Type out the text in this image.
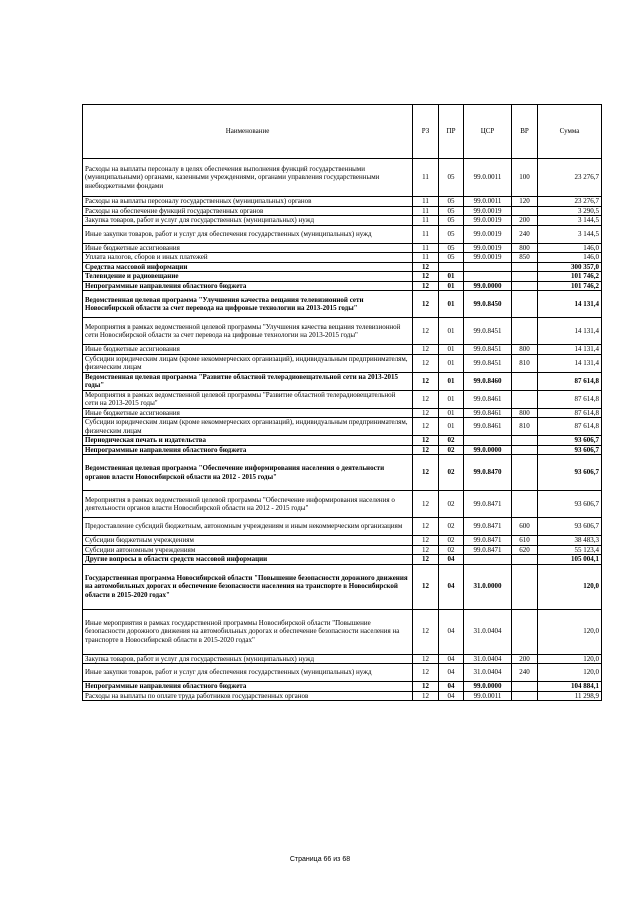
Наименование	РЗ	ПР	ЦСР	ВР	Сумма
Расходы на выплаты персоналу в целях обеспечения выполнения функций государственными (муниципальными) органами, казенными учреждениями, органами управления государственными внебюджетными фондами	11	05	99.0.0011	100	23 276,7
Расходы на выплаты персоналу государственных (муниципальных) органов	11	05	99.0.0011	120	23 276,7
Расходы на обеспечение функций государственных органов	11	05	99.0.0019		3 290,5
Закупка товаров, работ и услуг для государственных (муниципальных) нужд	11	05	99.0.0019	200	3 144,5
Иные закупки товаров, работ и услуг для обеспечения государственных (муниципальных) нужд	11	05	99.0.0019	240	3 144,5
Иные бюджетные ассигнования	11	05	99.0.0019	800	146,0
Уплата налогов, сборов и иных платежей	11	05	99.0.0019	850	146,0
Средства массовой информации	12				300 357,0
Телевидение и радиовещание	12	01			101 746,2
Непрограммные направления областного бюджета	12	01	99.0.0000		101 746,2
Ведомственная целевая программа "Улучшения качества вещания телевизионной сети Новосибирской области за счет перевода на цифровые технологии на 2013-2015 годы"	12	01	99.0.8450		14 131,4
Мероприятия в рамках ведомственной целевой программы "Улучшения качества вещания телевизионной сети Новосибирской области за счет перевода на цифровые технологии на 2013-2015 годы"	12	01	99.0.8451		14 131,4
Иные бюджетные ассигнования	12	01	99.0.8451	800	14 131,4
Субсидии юридическим лицам (кроме некоммерческих организаций), индивидуальным предпринимателям, физическим лицам	12	01	99.0.8451	810	14 131,4
Ведомственная целевая программа "Развитие областной телерадиовещательной сети на 2013-2015 годы"	12	01	99.0.8460		87 614,8
Мероприятия в рамках ведомственной целевой программы "Развитие областной телерадиовещательной сети на 2013-2015 годы"	12	01	99.0.8461		87 614,8
Иные бюджетные ассигнования	12	01	99.0.8461	800	87 614,8
Субсидии юридическим лицам (кроме некоммерческих организаций), индивидуальным предпринимателям, физическим лицам	12	01	99.0.8461	810	87 614,8
Периодическая печать и издательства	12	02			93 606,7
Непрограммные направления областного бюджета	12	02	99.0.0000		93 606,7
Ведомственная целевая программа "Обеспечение информирования населения о деятельности органов власти Новосибирской области на 2012 - 2015 годы"	12	02	99.0.8470		93 606,7
Мероприятия в рамках ведомственной целевой программы "Обеспечение информирования населения о деятельности органов власти Новосибирской области на 2012 - 2015 годы"	12	02	99.0.8471		93 606,7
Предоставление субсидий бюджетным, автономным учреждениям и иным некоммерческим организациям	12	02	99.0.8471	600	93 606,7
Субсидии бюджетным учреждениям	12	02	99.0.8471	610	38 483,3
Субсидии автономным учреждениям	12	02	99.0.8471	620	55 123,4
Другие вопросы в области средств массовой информации	12	04			105 004,1
Государственная программа Новосибирской области "Повышение безопасности дорожного движения на автомобильных дорогах и обеспечение безопасности населения на транспорте в Новосибирской области в 2015-2020 годах"	12	04	31.0.0000		120,0
Иные мероприятия в рамках государственной программы Новосибирской области "Повышение безопасности дорожного движения на автомобильных дорогах и обеспечение безопасности населения на транспорте в Новосибирской области в 2015-2020 годах"	12	04	31.0.0404		120,0
Закупка товаров, работ и услуг для государственных (муниципальных) нужд	12	04	31.0.0404	200	120,0
Иные закупки товаров, работ и услуг для обеспечения государственных (муниципальных) нужд	12	04	31.0.0404	240	120,0
Непрограммные направления областного бюджета	12	04	99.0.0000		104 884,1
Расходы на выплаты по оплате труда работников государственных органов	12	04	99.0.0011		11 298,9
Страница 66 из 68
